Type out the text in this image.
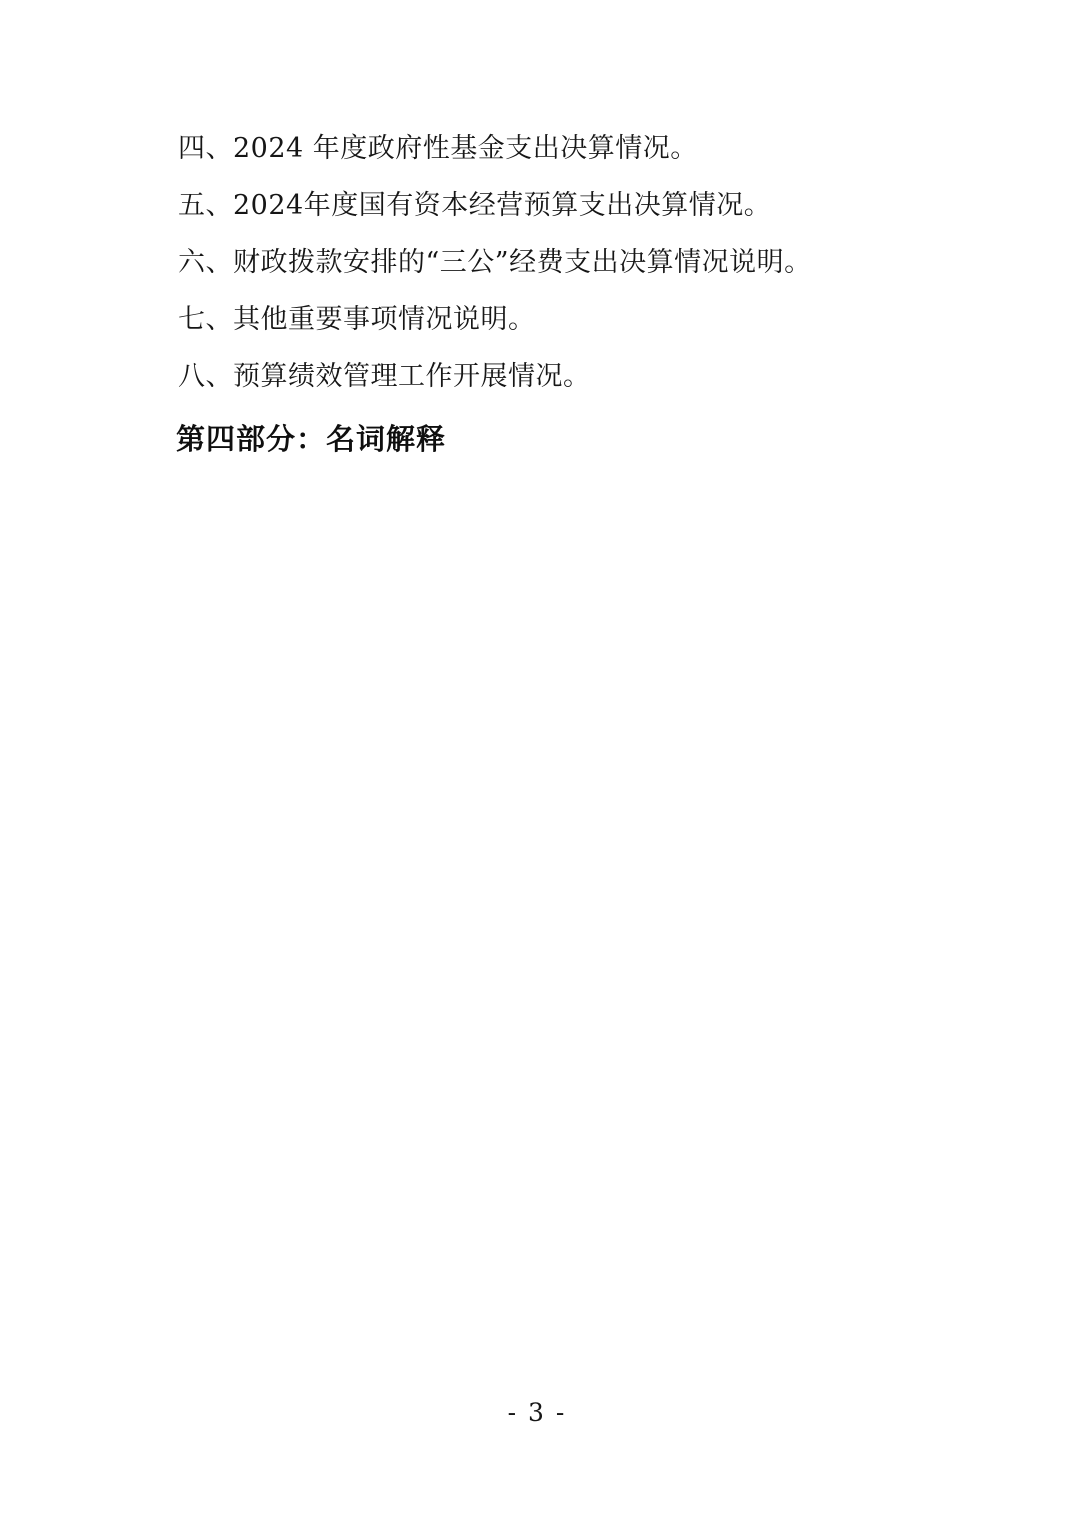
四、2024 年度政府性基金支出决算情况。
五、2024年度国有资本经营预算支出决算情况。
六、财政拨款安排的“三公”经费支出决算情况说明。
七、其他重要事项情况说明。
八、预算绩效管理工作开展情况。
第四部分：名词解释
- 3 -
